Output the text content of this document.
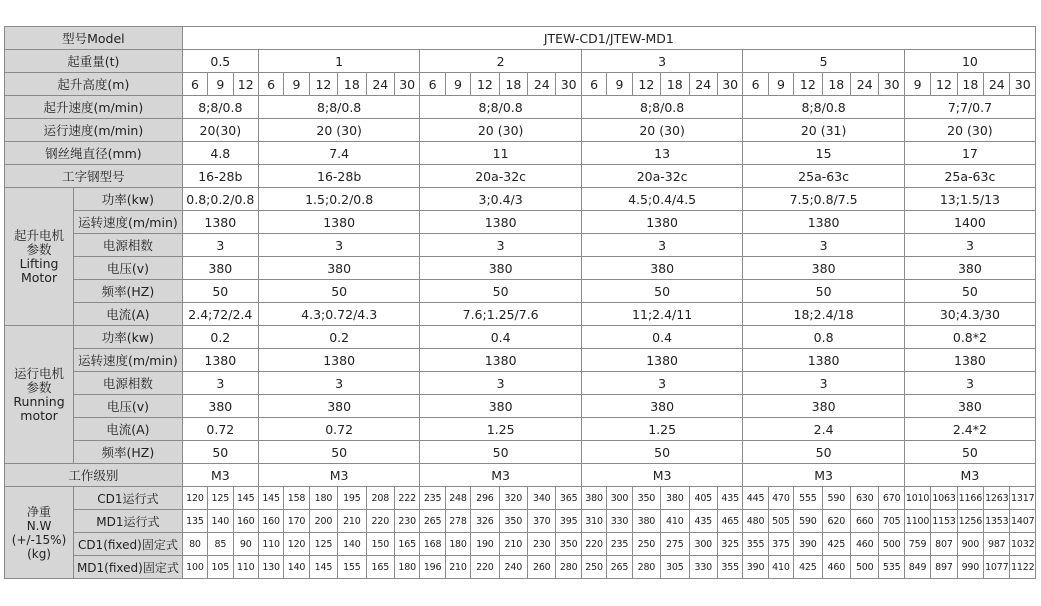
型号Model		JTEW-CD1/JTEW-MD1																															
起重量(t)		0.5			1						2						3						5						10				
起升高度(m)		6	9	12	6	9	12	18	24	30	6	9	12	18	24	30	6	9	12	18	24	30	6	9	12	18	24	30	9	12	18	24	30
起升速度(m/min)		8;8/0.8			8;8/0.8						8;8/0.8						8;8/0.8						8;8/0.8						7;7/0.7				
运行速度(m/min)		20(30)			20 (30)						20 (30)						20 (30)						20 (31)						20 (30)				
钢丝绳直径(mm)		4.8			7.4						11						13						15						17				
工字钢型号		16-28b			16-28b						20a-32c						20a-32c						25a-63c						25a-63c				

起升电机
参数
Lifting
Motor	功率(kw)	0.8;0.2/0.8			1.5;0.2/0.8						3;0.4/3						4.5;0.4/4.5						7.5;0.8/7.5						13;1.5/13				
	运转速度(m/min)	1380			1380						1380						1380						1380						1400				
	电源相数	3			3						3						3						3						3				
	电压(v)	380			380						380						380						380						380				
	频率(HZ)	50			50						50						50						50						50				
	电流(A)	2.4;72/2.4			4.3;0.72/4.3						7.6;1.25/7.6						11;2.4/11						18;2.4/18						30;4.3/30				

运行电机
参数
Running
motor	功率(kw)	0.2			0.2						0.4						0.4						0.8						0.8*2				
	运转速度(m/min)	1380			1380						1380						1380						1380						1380				
	电源相数	3			3						3						3						3						3				
	电压(v)	380			380						380						380						380						380				
	电流(A)	0.72			0.72						1.25						1.25						2.4						2.4*2				
	频率(HZ)	50			50						50						50						50						50				
工作级别		M3			M3						M3						M3						M3						M3				

净重
N.W
(+/-15%)
(kg)	CD1运行式	120	125	145	145	158	180	195	208	222	235	248	296	320	340	365	380	300	350	380	405	435	445	470	555	590	630	670	1010	1063	1166	1263	1317
	MD1运行式	135	140	160	160	170	200	210	220	230	265	278	326	350	370	395	310	330	380	410	435	465	480	505	590	620	660	705	1100	1153	1256	1353	1407
	CD1(fixed)固定式	80	85	90	110	120	125	140	150	165	168	180	190	210	230	350	220	235	250	275	300	325	355	375	390	425	460	500	759	807	900	987	1032
	MD1(fixed)固定式	100	105	110	130	140	145	155	165	180	196	210	220	240	260	280	250	265	280	305	330	355	390	410	425	460	500	535	849	897	990	1077	1122
